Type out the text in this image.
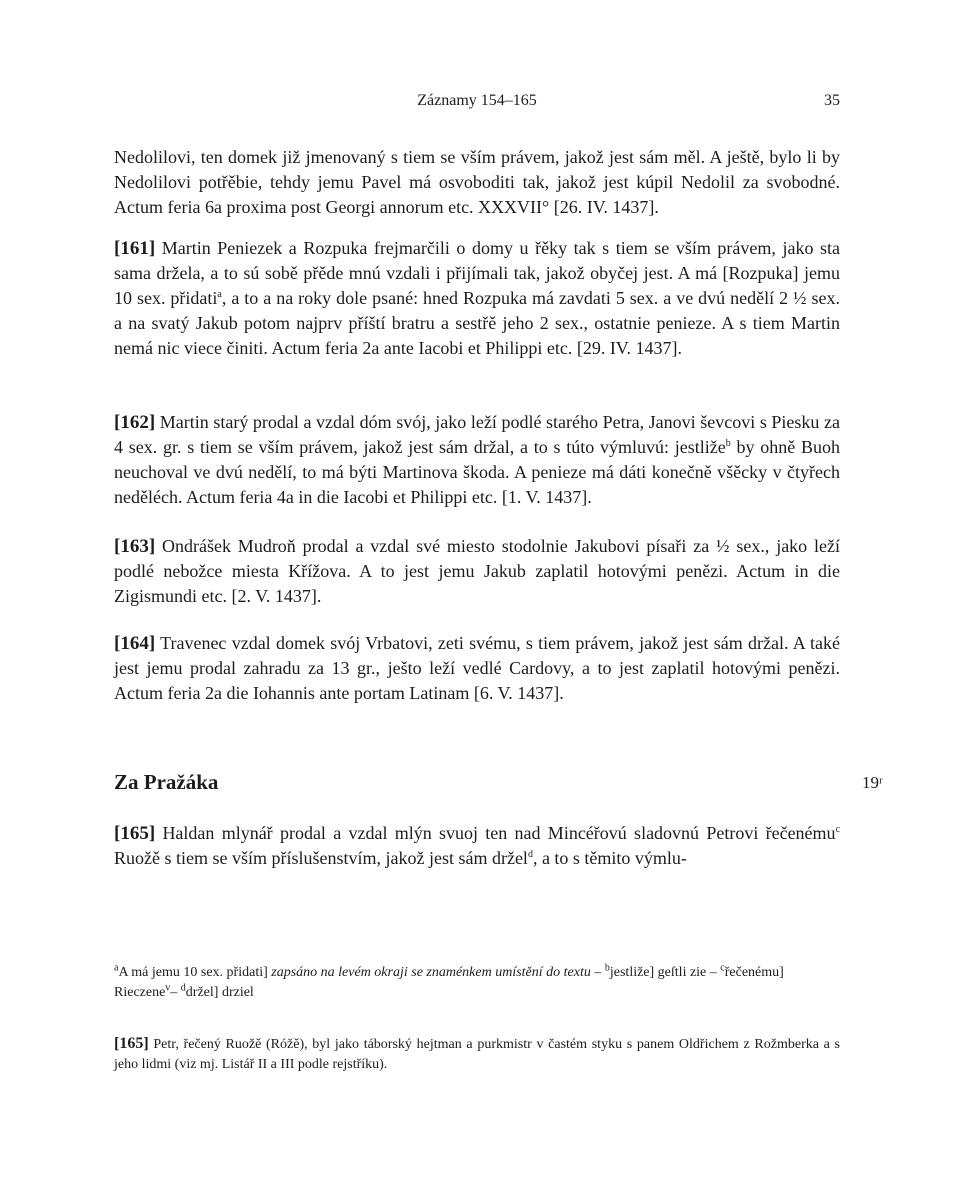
Záznamy 154–165	35

Nedolilovi, ten domek již jmenovaný s tiem se vším právem, jakož jest sám měl. A ještě, bylo li by Nedolilovi potřěbie, tehdy jemu Pavel má osvoboditi tak, jakož jest kúpil Nedolil za svobodné. Actum feria 6a proxima post Georgi annorum etc. XXXVII° [26. IV. 1437].

[161] Martin Peniezek a Rozpuka frejmarčili o domy u řěky tak s tiem se vším právem, jako sta sama držela, a to sú sobě přěde mnú vzdali i přijímali tak, jakož obyčej jest. A má [Rozpuka] jemu 10 sex. přidati$^a$, a to a na roky dole psané: hned Rozpuka má zavdati 5 sex. a ve dvú nedělí 2 ½ sex. a na svatý Jakub potom najprv příští bratru a sestřě jeho 2 sex., ostatnie penieze. A s tiem Martin nemá nic viece činiti. Actum feria 2a ante Iacobi et Philippi etc. [29. IV. 1437].

[162] Martin starý prodal a vzdal dóm svój, jako leží podlé starého Petra, Janovi ševcovi s Piesku za 4 sex. gr. s tiem se vším právem, jakož jest sám držal, a to s túto výmluvú: jestliže$^b$ by ohně Buoh neuchoval ve dvú nedělí, to má býti Martinova škoda. A penieze má dáti konečně všěcky v čtyřech neděléch. Actum feria 4a in die Iacobi et Philippi etc. [1. V. 1437].

[163] Ondrášek Mudroň prodal a vzdal své miesto stodolnie Jakubovi písaři za ½ sex., jako leží podlé nebožce miesta Křížova. A to jest jemu Jakub zaplatil hotovými penězi. Actum in die Zigismundi etc. [2. V. 1437].

[164] Travenec vzdal domek svój Vrbatovi, zeti svému, s tiem právem, jakož jest sám držal. A také jest jemu prodal zahradu za 13 gr., ješto leží vedlé Cardovy, a to jest zaplatil hotovými penězi. Actum feria 2a die Iohannis ante portam Latinam [6. V. 1437].

Za Pražáka	19ʳ

[165] Haldan mlynář prodal a vzdal mlýn svuoj ten nad Mincéřovú sladovnú Petrovi řečenému$^c$ Ruožě s tiem se vším příslušenstvím, jakož jest sám držel$^d$, a to s těmito výmlu-

$^a$A má jemu 10 sex. přidati] zapsáno na levém okraji se znaménkem umístění do textu – $^b$jestliže] geſtli zie – $^c$řečenému] Rieczene$^v$– $^d$držel] drziel

[165] Petr, řečený Ruožě (Róžě), byl jako táborský hejtman a purkmistr v častém styku s panem Oldřichem z Rožmberka a s jeho lidmi (viz mj. Listář II a III podle rejstříku).
